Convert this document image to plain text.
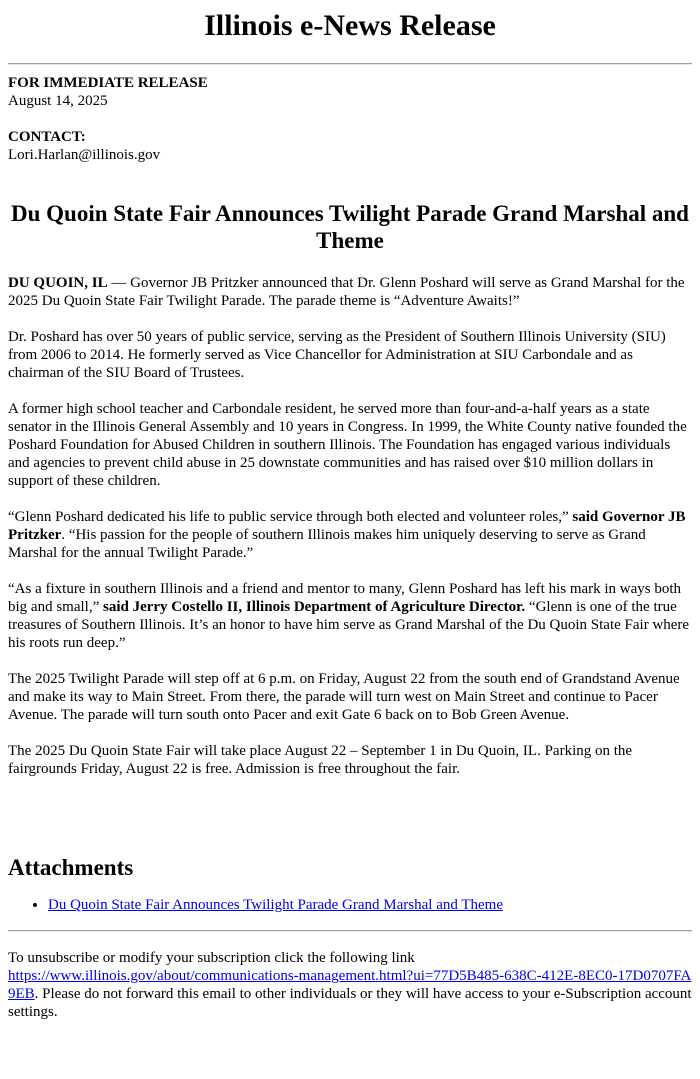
Illinois e-News Release
FOR IMMEDIATE RELEASE
August 14, 2025
CONTACT:
Lori.Harlan@illinois.gov
Du Quoin State Fair Announces Twilight Parade Grand Marshal and Theme

DU QUOIN, IL — Governor JB Pritzker announced that Dr. Glenn Poshard will serve as Grand Marshal for the 2025 Du Quoin State Fair Twilight Parade. The parade theme is “Adventure Awaits!”

Dr. Poshard has over 50 years of public service, serving as the President of Southern Illinois University (SIU) from 2006 to 2014. He formerly served as Vice Chancellor for Administration at SIU Carbondale and as chairman of the SIU Board of Trustees.

A former high school teacher and Carbondale resident, he served more than four-and-a-half years as a state senator in the Illinois General Assembly and 10 years in Congress. In 1999, the White County native founded the Poshard Foundation for Abused Children in southern Illinois. The Foundation has engaged various individuals and agencies to prevent child abuse in 25 downstate communities and has raised over $10 million dollars in support of these children.

“Glenn Poshard dedicated his life to public service through both elected and volunteer roles,” said Governor JB Pritzker. “His passion for the people of southern Illinois makes him uniquely deserving to serve as Grand Marshal for the annual Twilight Parade.”

“As a fixture in southern Illinois and a friend and mentor to many, Glenn Poshard has left his mark in ways both big and small,” said Jerry Costello II, Illinois Department of Agriculture Director. “Glenn is one of the true treasures of Southern Illinois. It’s an honor to have him serve as Grand Marshal of the Du Quoin State Fair where his roots run deep.”

The 2025 Twilight Parade will step off at 6 p.m. on Friday, August 22 from the south end of Grandstand Avenue and make its way to Main Street. From there, the parade will turn west on Main Street and continue to Pacer Avenue. The parade will turn south onto Pacer and exit Gate 6 back on to Bob Green Avenue.

The 2025 Du Quoin State Fair will take place August 22 – September 1 in Du Quoin, IL. Parking on the fairgrounds Friday, August 22 is free. Admission is free throughout the fair.

Attachments
• Du Quoin State Fair Announces Twilight Parade Grand Marshal and Theme
To unsubscribe or modify your subscription click the following link
https://www.illinois.gov/about/communications-management.html?ui=77D5B485-638C-412E-8EC0-17D0707FA9EB. Please do not forward this email to other individuals or they will have access to your e-Subscription account settings.
